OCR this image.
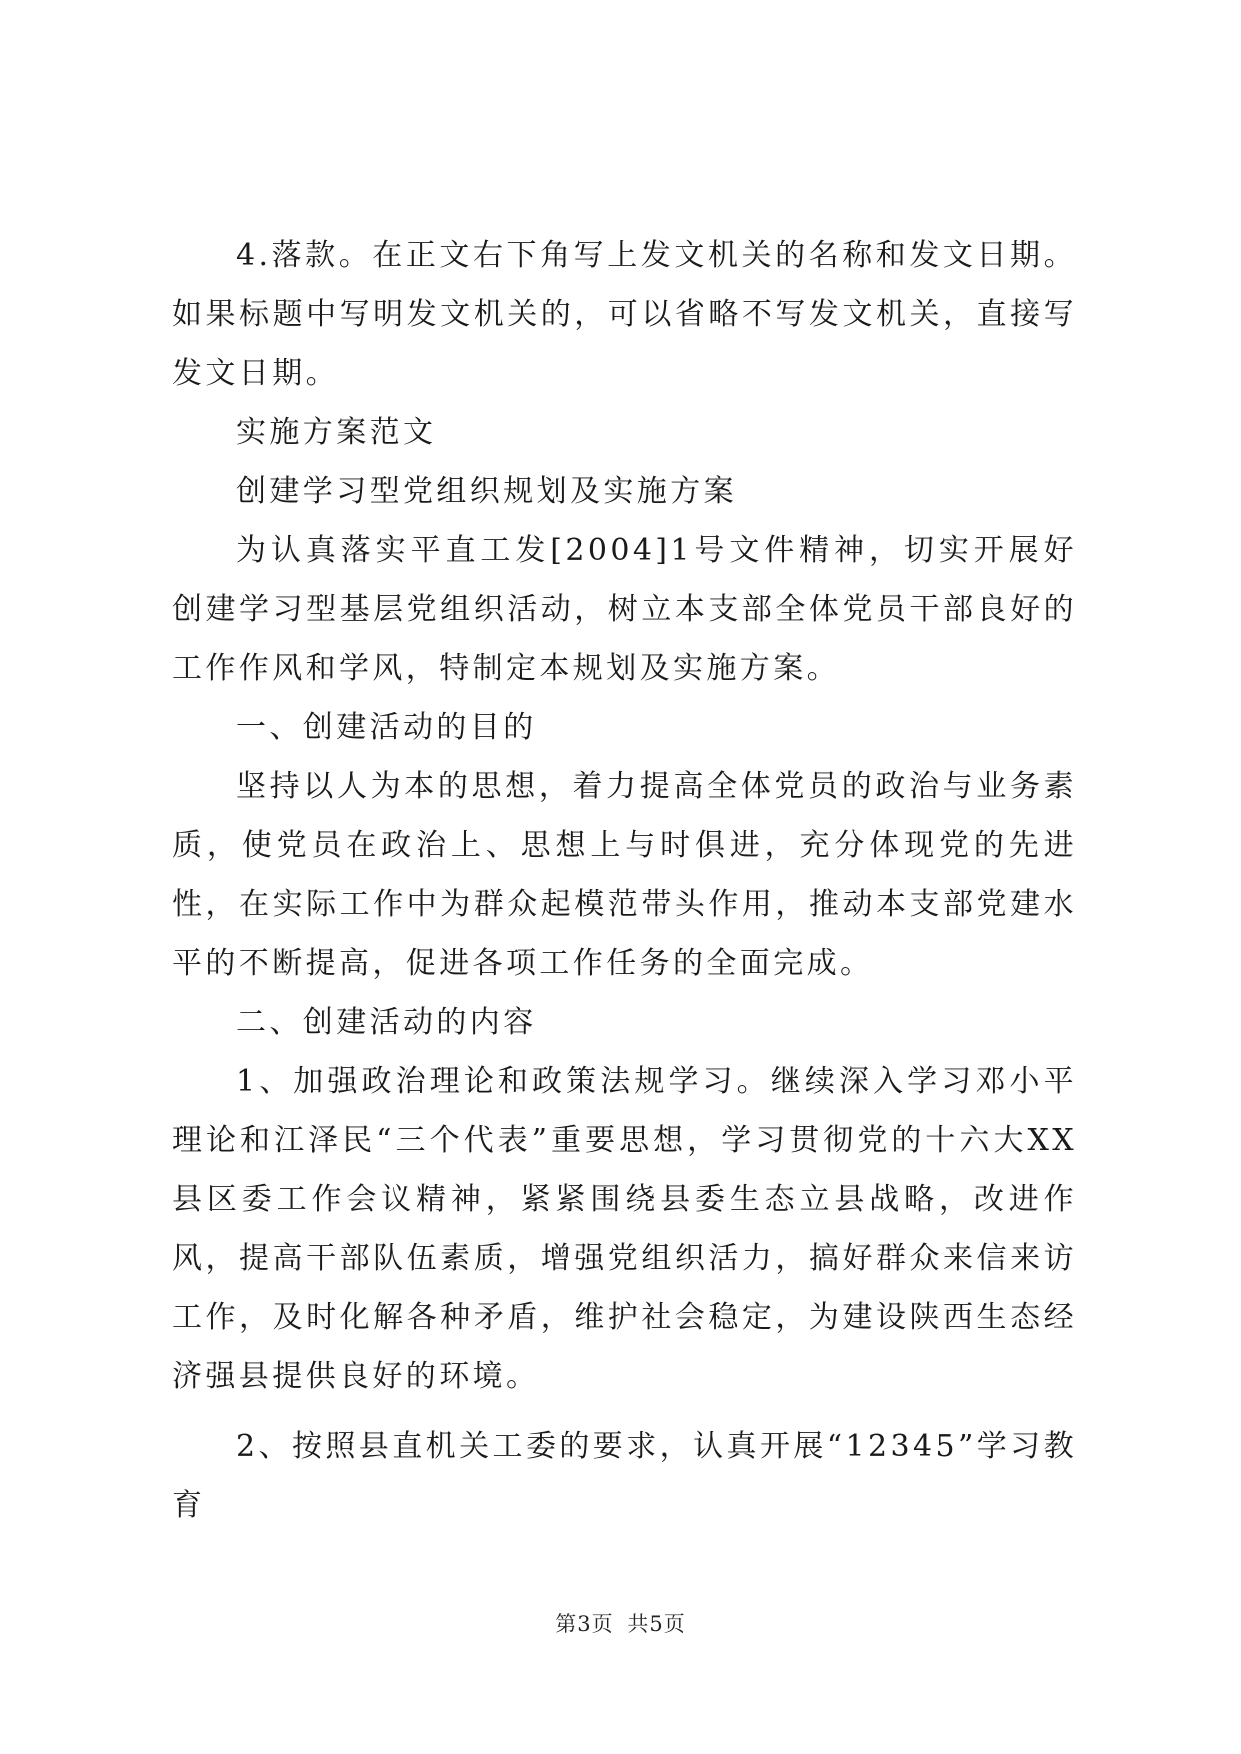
4.落款。在正文右下角写上发文机关的名称和发文日期。如果标题中写明发文机关的，可以省略不写发文机关，直接写发文日期。

实施方案范文

创建学习型党组织规划及实施方案

为认真落实平直工发[2004]1号文件精神，切实开展好创建学习型基层党组织活动，树立本支部全体党员干部良好的工作作风和学风，特制定本规划及实施方案。

一、创建活动的目的

坚持以人为本的思想，着力提高全体党员的政治与业务素质，使党员在政治上、思想上与时俱进，充分体现党的先进性，在实际工作中为群众起模范带头作用，推动本支部党建水平的不断提高，促进各项工作任务的全面完成。

二、创建活动的内容

1、加强政治理论和政策法规学习。继续深入学习邓小平理论和江泽民“三个代表”重要思想，学习贯彻党的十六大XX县区委工作会议精神，紧紧围绕县委生态立县战略，改进作风，提高干部队伍素质，增强党组织活力，搞好群众来信来访工作，及时化解各种矛盾，维护社会稳定，为建设陕西生态经济强县提供良好的环境。

2、按照县直机关工委的要求，认真开展“12345”学习教育

第3页 共5页
